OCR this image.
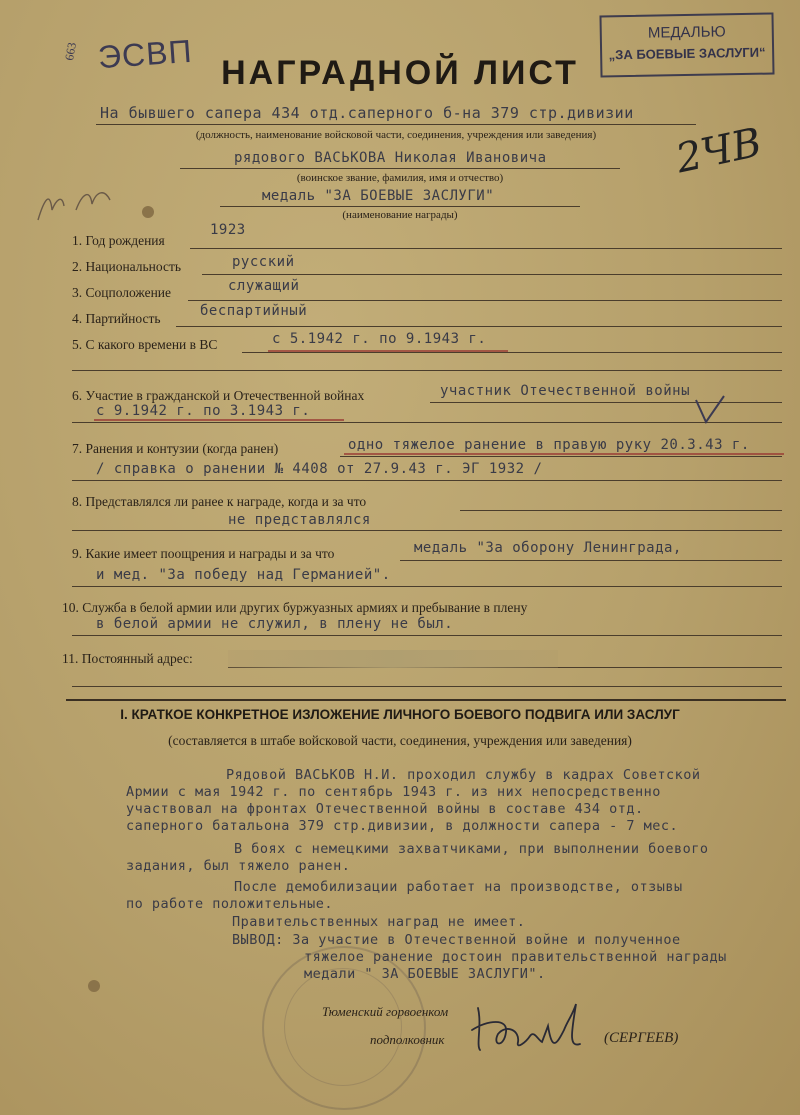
663 ЭСВП
МЕДАЛЬЮ
„ЗА БОЕВЫЕ ЗАСЛУГИ“
НАГРАДНОЙ ЛИСТ
2ЧВ
На бывшего сапера 434 отд.саперного б-на 379 стр.дивизии
(должность, наименование войсковой части, соединения, учреждения или заведения)
рядового ВАСЬКОВА Николая Ивановича
(воинское звание, фамилия, имя и отчество)
медаль "ЗА БОЕВЫЕ ЗАСЛУГИ"
(наименование награды)
1. Год рождения
1923
2. Национальность	русский
3. Соцположение	служащий
4. Партийность	беспартийный
5. С какого времени в ВС	с 5.1942 г. по 9.1943 г.
6. Участие в гражданской и Отечественной войнах	участник Отечественной войны
с 9.1942 г. по 3.1943 г.
7. Ранения и контузии (когда ранен)	одно тяжелое ранение в правую руку 20.3.43 г.
/ справка о ранении № 4408 от 27.9.43 г. ЭГ 1932 /
8. Представлялся ли ранее к награде, когда и за что
не представлялся
9. Какие имеет поощрения и награды и за что	медаль "За оборону Ленинграда,
и мед. "За победу над Германией".
10. Служба в белой армии или других буржуазных армиях и пребывание в плену
в белой армии не служил, в плену не был.
11. Постоянный адрес:
I. КРАТКОЕ КОНКРЕТНОЕ ИЗЛОЖЕНИЕ ЛИЧНОГО БОЕВОГО ПОДВИГА ИЛИ ЗАСЛУГ
(составляется в штабе войсковой части, соединения, учреждения или заведения)
Рядовой ВАСЬКОВ Н.И. проходил службу в кадрах Советской
Армии с мая 1942 г. по сентябрь 1943 г. из них непосредственно
участвовал на фронтах Отечественной войны в составе 434 отд.
саперного батальона 379 стр.дивизии, в должности сапера - 7 мес.
В боях с немецкими захватчиками, при выполнении боевого
задания, был тяжело ранен.
После демобилизации работает на производстве, отзывы
по работе положительные.
Правительственных наград не имеет.
ВЫВОД: За участие в Отечественной войне и полученное
тяжелое ранение достоин правительственной награды
медали " ЗА БОЕВЫЕ ЗАСЛУГИ".
Тюменский горвоенком
подполковник	(СЕРГЕЕВ)
